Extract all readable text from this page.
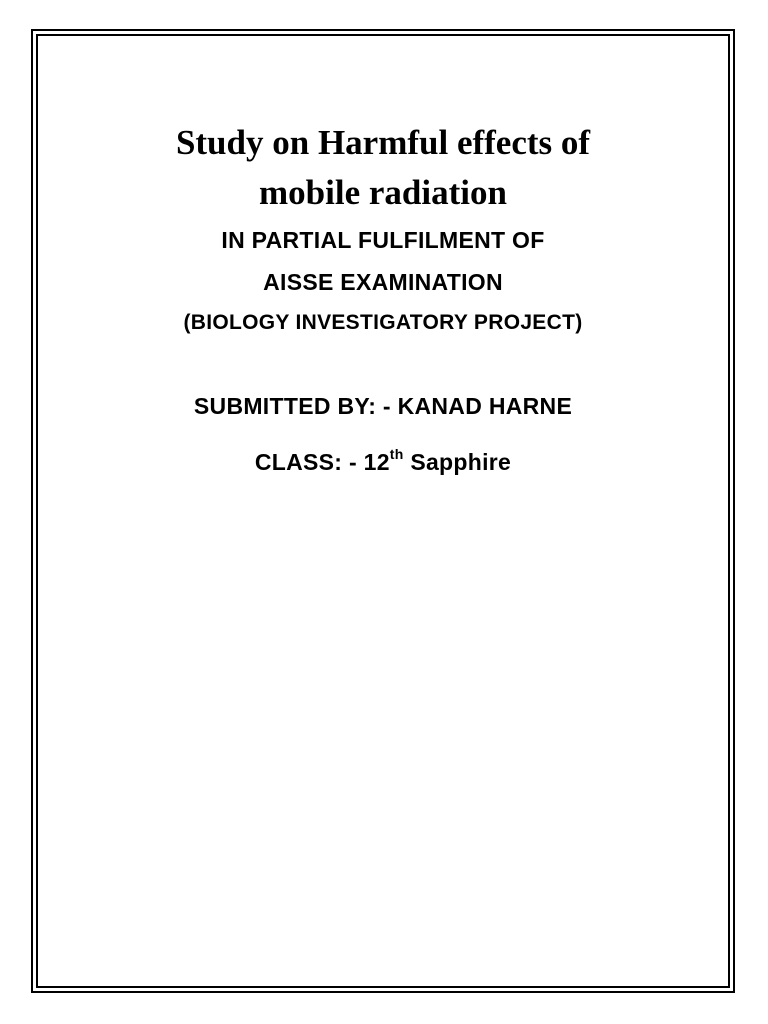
Study on Harmful effects of
mobile radiation

IN PARTIAL FULFILMENT OF

AISSE EXAMINATION

(BIOLOGY INVESTIGATORY PROJECT)

SUBMITTED BY: - KANAD HARNE

CLASS: - 12th Sapphire
